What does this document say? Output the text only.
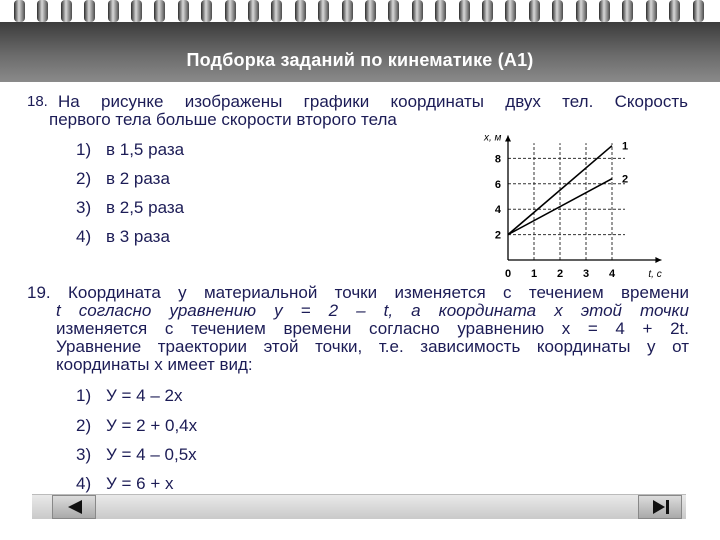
Подборка заданий по кинематике (А1)
18. На рисунке изображены графики координаты двух тел. Скорость
первого тела больше скорости второго тела
1) в 1,5 раза
2) в 2 раза
3) в 2,5 раза
4) в 3 раза
0 1 2 3 4
2
4
6
8
x, м
t, с
1
2
19. Координата y материальной точки изменяется с течением времени
t согласно уравнению y = 2 – t, а координата x этой точки
изменяется с течением времени согласно уравнению x = 4 + 2t.
Уравнение траектории этой точки, т.е. зависимость координаты y от
координаты x имеет вид:
1) У = 4 – 2х
2) У = 2 + 0,4х
3) У = 4 – 0,5х
4) У = 6 + х
